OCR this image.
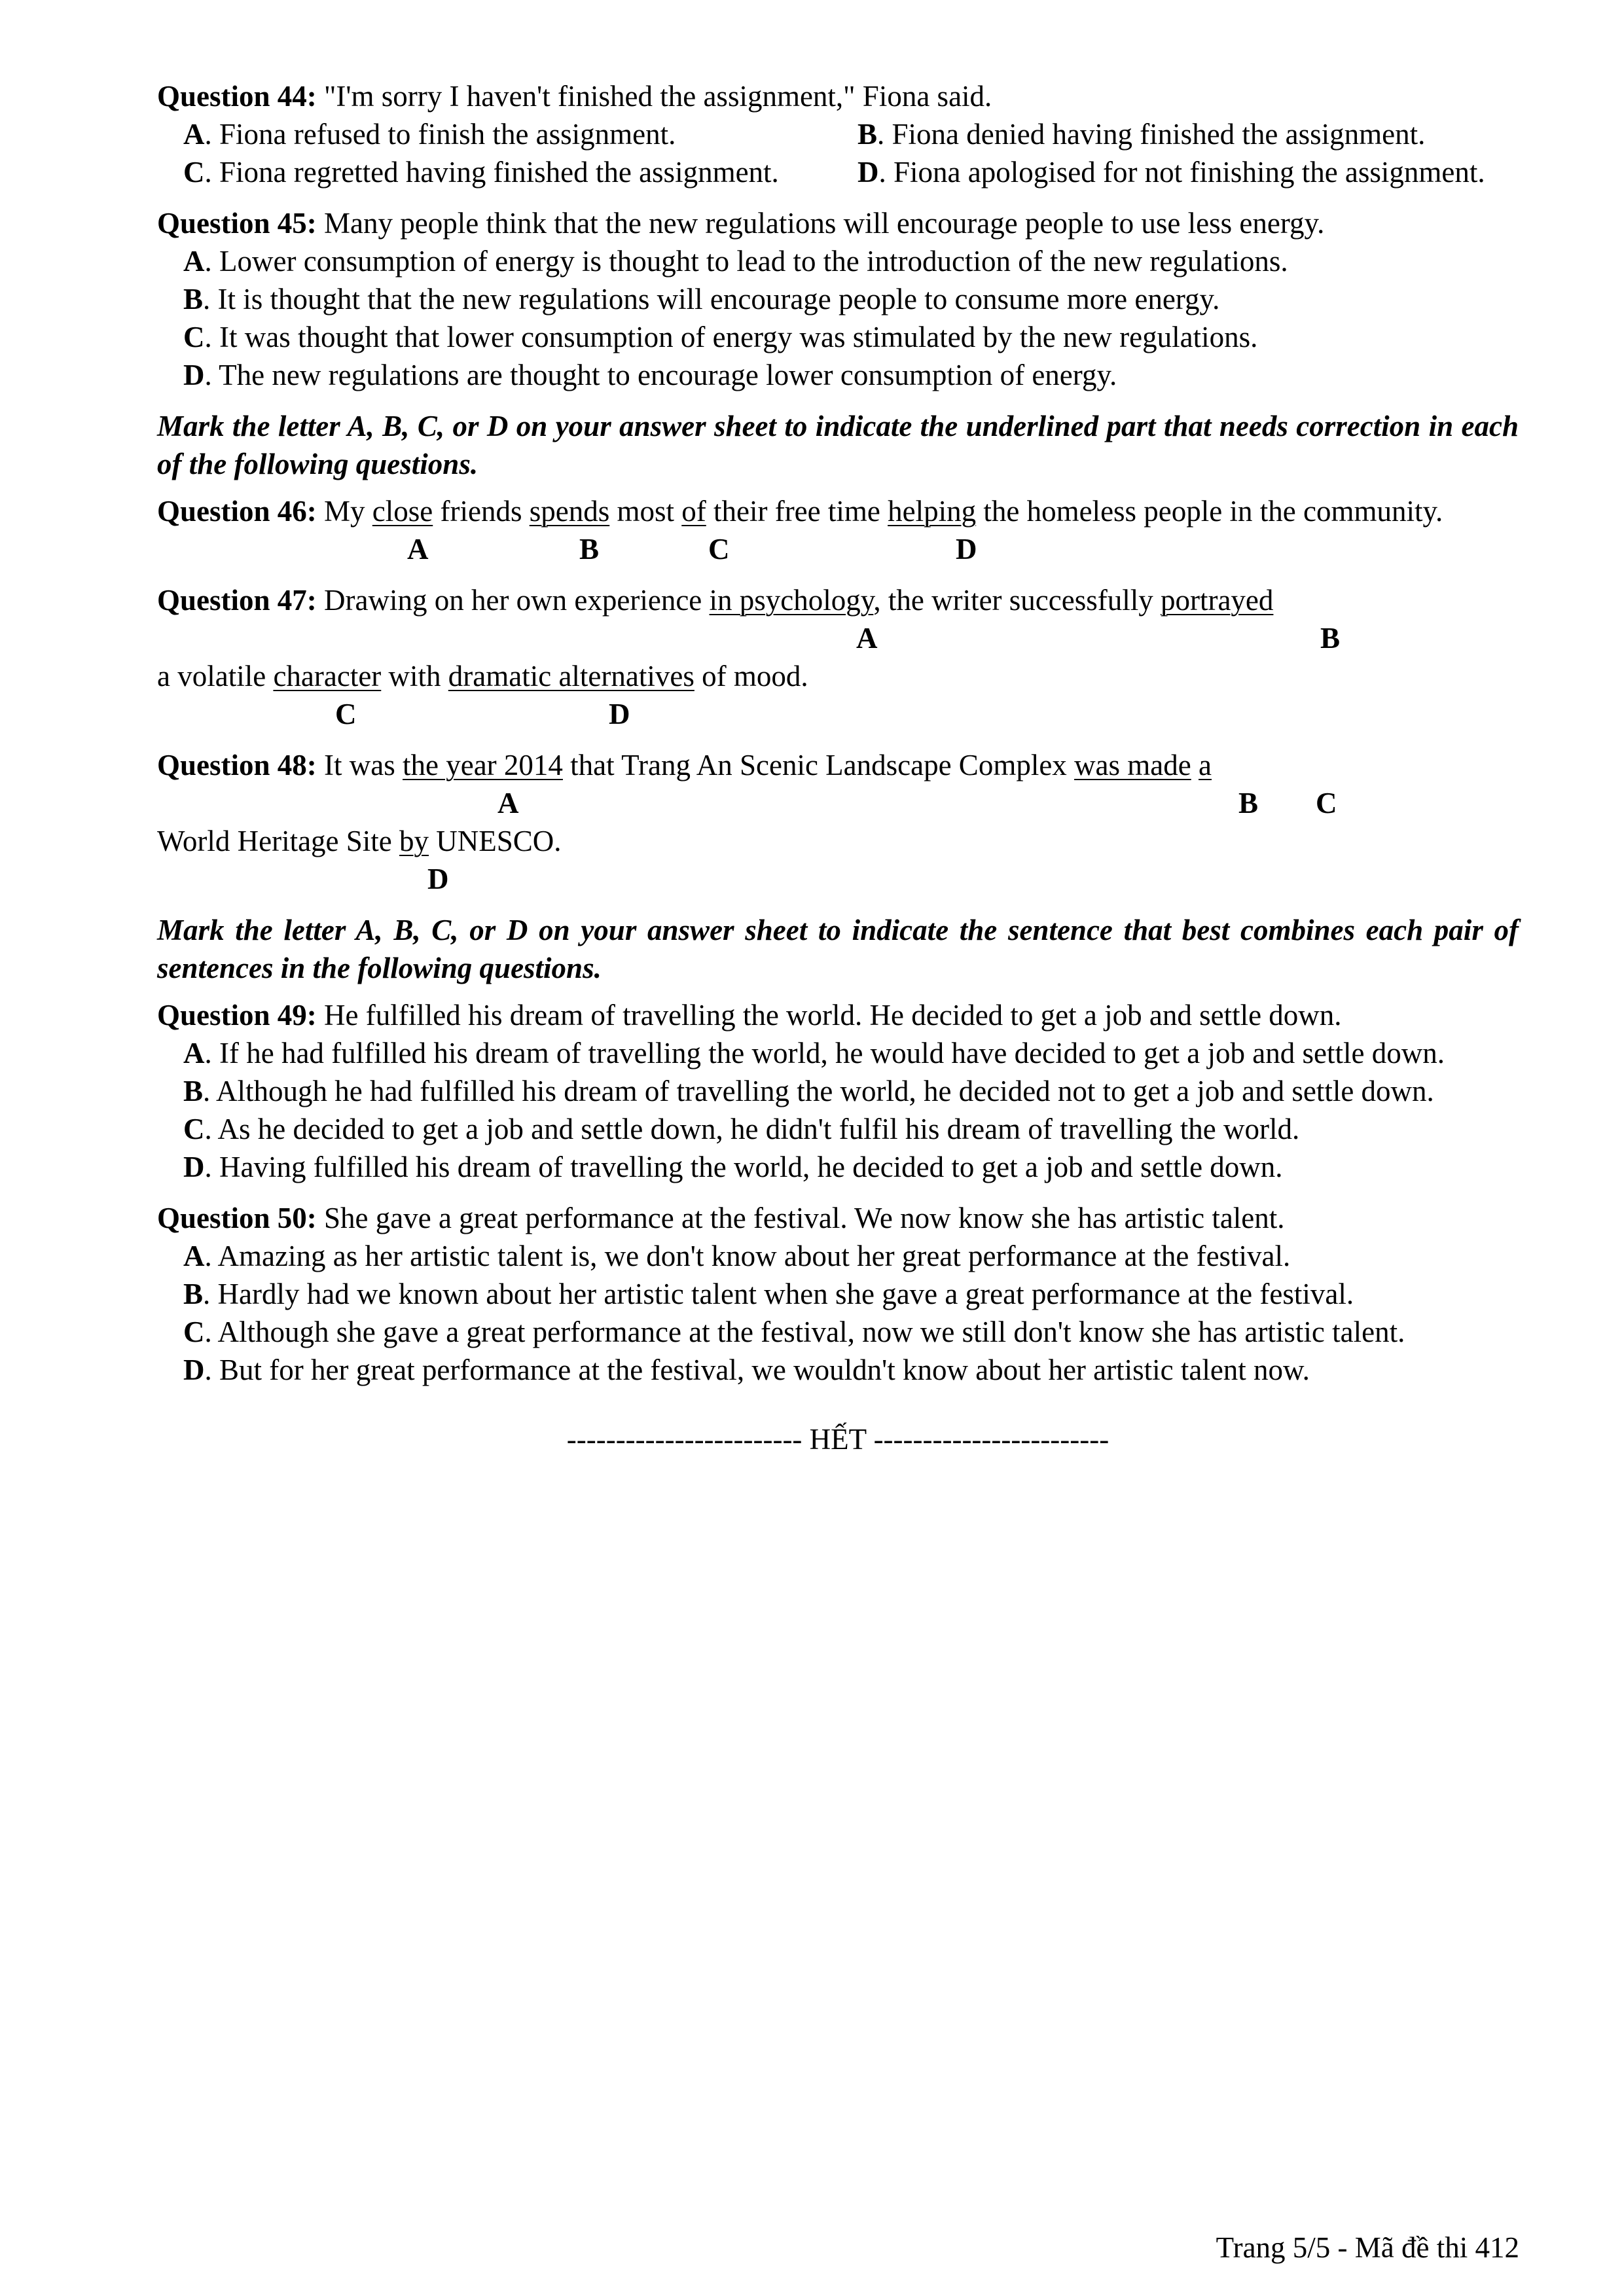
Question 44: "I'm sorry I haven't finished the assignment," Fiona said.
A. Fiona refused to finish the assignment.	B. Fiona denied having finished the assignment.
C. Fiona regretted having finished the assignment.	D. Fiona apologised for not finishing the assignment.
Question 45: Many people think that the new regulations will encourage people to use less energy.
A. Lower consumption of energy is thought to lead to the introduction of the new regulations.
B. It is thought that the new regulations will encourage people to consume more energy.
C. It was thought that lower consumption of energy was stimulated by the new regulations.
D. The new regulations are thought to encourage lower consumption of energy.
Mark the letter A, B, C, or D on your answer sheet to indicate the underlined part that needs correction in each of the following questions.
Question 46: My close friends spends most of their free time helping the homeless people in the community.
A	B	C	D
Question 47: Drawing on her own experience in psychology, the writer successfully portrayed
A	B
a volatile character with dramatic alternatives of mood.
C	D
Question 48: It was the year 2014 that Trang An Scenic Landscape Complex was made a
A	B C
World Heritage Site by UNESCO.
D
Mark the letter A, B, C, or D on your answer sheet to indicate the sentence that best combines each pair of sentences in the following questions.
Question 49: He fulfilled his dream of travelling the world. He decided to get a job and settle down.
A. If he had fulfilled his dream of travelling the world, he would have decided to get a job and settle down.
B. Although he had fulfilled his dream of travelling the world, he decided not to get a job and settle down.
C. As he decided to get a job and settle down, he didn't fulfil his dream of travelling the world.
D. Having fulfilled his dream of travelling the world, he decided to get a job and settle down.
Question 50: She gave a great performance at the festival. We now know she has artistic talent.
A. Amazing as her artistic talent is, we don't know about her great performance at the festival.
B. Hardly had we known about her artistic talent when she gave a great performance at the festival.
C. Although she gave a great performance at the festival, now we still don't know she has artistic talent.
D. But for her great performance at the festival, we wouldn't know about her artistic talent now.
------------------------ HẾT ------------------------
Trang 5/5 - Mã đề thi 412
